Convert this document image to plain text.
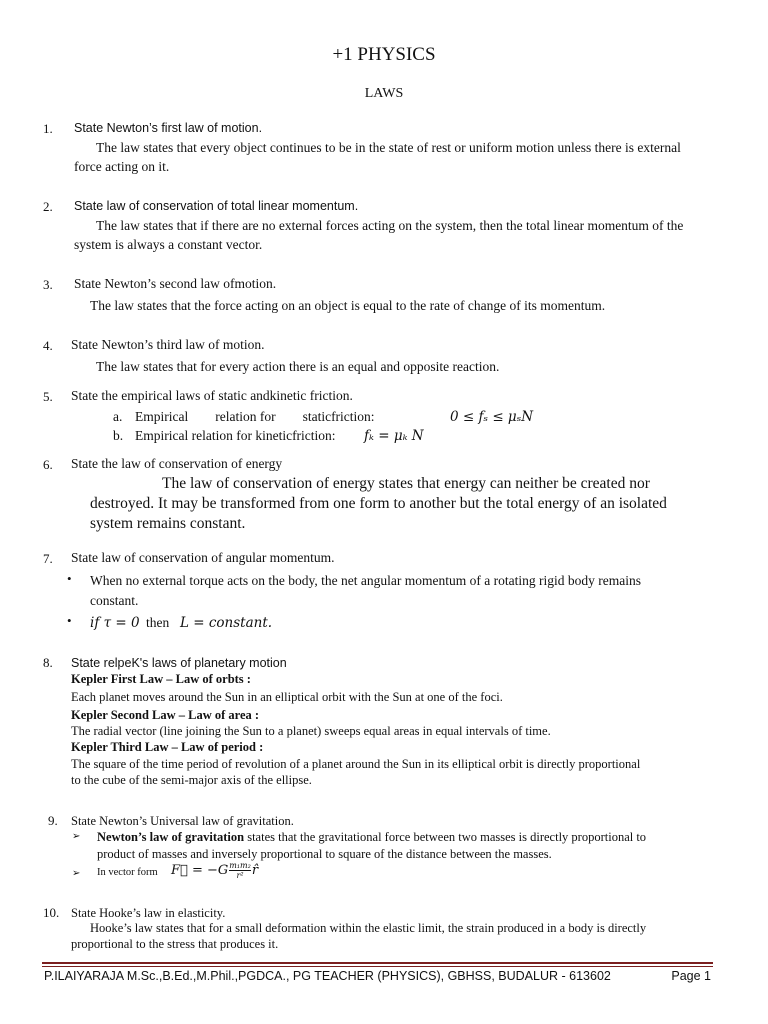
+1 PHYSICS
LAWS
1. State Newton’s first law of motion.
The law states that every object continues to be in the state of rest or uniform motion unless there is external
force acting on it.
2. State law of conservation of total linear momentum.
The law states that if there are no external forces acting on the system, then the total linear momentum of the
system is always a constant vector.
3. State Newton’s second law ofmotion.
The law states that the force acting on an object is equal to the rate of change of its momentum.
4. State Newton’s third law of motion.
The law states that for every action there is an equal and opposite reaction.
5. State the empirical laws of static andkinetic friction.
a. Empirical        relation for        staticfriction:	0 ≤ fₛ ≤ μₛN
b. Empirical relation for kineticfriction: fₖ = μₖ N
6. State the law of conservation of energy
The law of conservation of energy states that energy can neither be created nor
destroyed. It may be transformed from one form to another but the total energy of an isolated
system remains constant.
7. State law of conservation of angular momentum.
• When no external torque acts on the body, the net angular momentum of a rotating rigid body remains
constant.
• if τ = 0 then L = constant.
8. State relpeK's laws of planetary motion
Kepler First Law – Law of orbts :
Each planet moves around the Sun in an elliptical orbit with the Sun at one of the foci.
Kepler Second Law – Law of area :
The radial vector (line joining the Sun to a planet) sweeps equal areas in equal intervals of time.
Kepler Third Law – Law of period :
The square of the time period of revolution of a planet around the Sun in its elliptical orbit is directly proportional
to the cube of the semi-major axis of the ellipse.
9. State Newton’s Universal law of gravitation.
➢ Newton’s law of gravitation states that the gravitational force between two masses is directly proportional to
product of masses and inversely proportional to square of the distance between the masses.
➢ In vector form F⃗ = $-G \frac{\text{m₁m₂}}{\text{r²}}$ r̂
10. State Hooke’s law in elasticity.
Hooke’s law states that for a small deformation within the elastic limit, the strain produced in a body is directly
proportional to the stress that produces it.
P.ILAIYARAJA M.Sc.,B.Ed.,M.Phil.,PGDCA., PG TEACHER (PHYSICS), GBHSS, BUDALUR - 613602	Page 1
